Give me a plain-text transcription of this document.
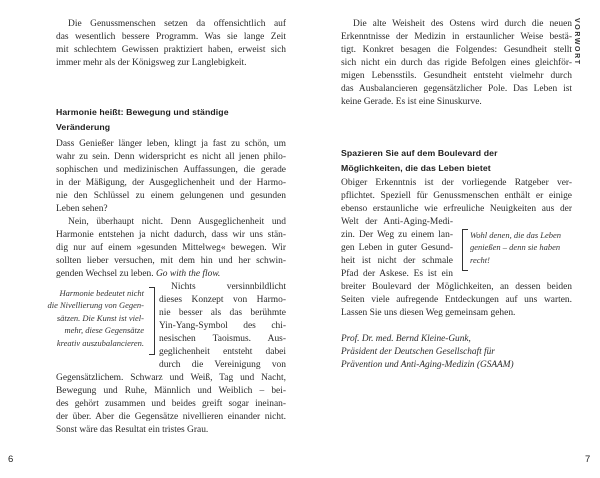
VORWORT

Die Genussmenschen setzen da offensichtlich auf
das wesentlich bessere Programm. Was sie lange Zeit
mit schlechtem Gewissen praktiziert haben, erweist sich
immer mehr als der Königsweg zur Langlebigkeit.

Harmonie heißt: Bewegung und ständige
Veränderung

Dass Genießer länger leben, klingt ja fast zu schön, um
wahr zu sein. Denn widerspricht es nicht all jenen philo-
sophischen und medizinischen Auffassungen, die gerade
in der Mäßigung, der Ausgeglichenheit und der Harmo-
nie den Schlüssel zu einem gelungenen und gesunden
Leben sehen?

Nein, überhaupt nicht. Denn Ausgeglichenheit und
Harmonie entstehen ja nicht dadurch, dass wir uns stän-
dig nur auf einem »gesunden Mittelweg« bewegen. Wir
sollten lieber versuchen, mit dem hin und her schwin-
genden Wechsel zu leben. Go with the flow.

Harmonie bedeutet nicht
die Nivellierung von Gegen-
sätzen. Die Kunst ist viel-
mehr, diese Gegensätze
kreativ auszubalancieren.

Nichts versinnbildlicht
dieses Konzept von Harmo-
nie besser als das berühmte
Yin-Yang-Symbol des chi-
nesischen Taoismus. Aus-
geglichenheit entsteht dabei
durch die Vereinigung von

Gegensätzlichem. Schwarz und Weiß, Tag und Nacht,
Bewegung und Ruhe, Männlich und Weiblich – bei-
des gehört zusammen und beides greift sogar ineinan-
der über. Aber die Gegensätze nivellieren einander nicht.
Sonst wäre das Resultat ein tristes Grau.

6

Die alte Weisheit des Ostens wird durch die neuen
Erkenntnisse der Medizin in erstaunlicher Weise bestä-
tigt. Konkret besagen die Folgendes: Gesundheit stellt
sich nicht ein durch das rigide Befolgen eines gleichför-
migen Lebensstils. Gesundheit entsteht vielmehr durch
das Ausbalancieren gegensätzlicher Pole. Das Leben ist
keine Gerade. Es ist eine Sinuskurve.

Spazieren Sie auf dem Boulevard der
Möglichkeiten, die das Leben bietet

Obiger Erkenntnis ist der vorliegende Ratgeber ver-
pflichtet. Speziell für Genussmenschen enthält er einige
ebenso erstaunliche wie erfreuliche Neuigkeiten aus der

Welt der Anti-Aging-Medi-
zin. Der Weg zu einem lan-
gen Leben in guter Gesund-
heit ist nicht der schmale
Pfad der Askese. Es ist ein

Wohl denen, die das Leben
genießen – denn sie haben
recht!

breiter Boulevard der Möglichkeiten, an dessen beiden
Seiten viele aufregende Entdeckungen auf uns warten.
Lassen Sie uns diesen Weg gemeinsam gehen.

Prof. Dr. med. Bernd Kleine-Gunk,
Präsident der Deutschen Gesellschaft für
Prävention und Anti-Aging-Medizin (GSAAM)

7
